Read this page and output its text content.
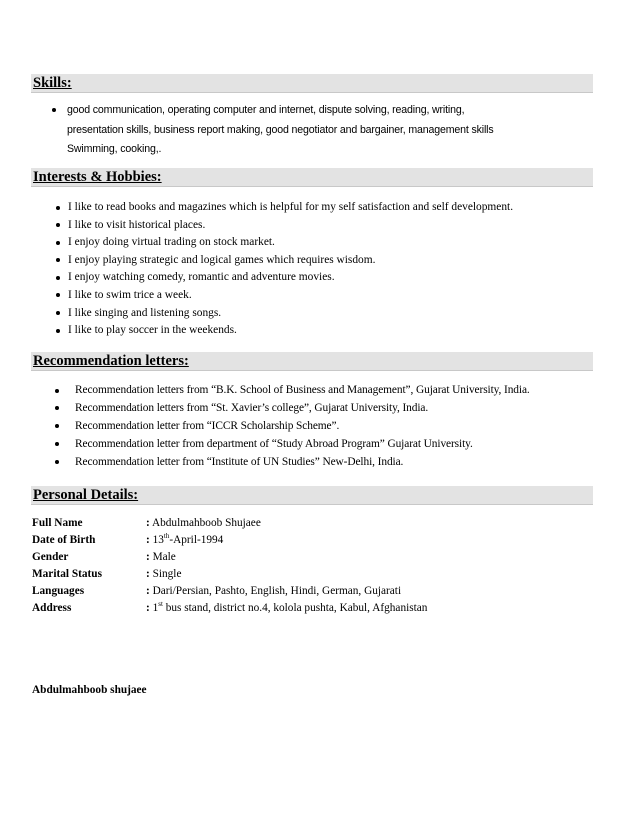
Skills:
good communication, operating computer and internet, dispute solving, reading, writing,
presentation skills, business report making, good negotiator and bargainer, management skills
Swimming, cooking,.
Interests & Hobbies:
I like to read books and magazines which is helpful for my self satisfaction and self development.
I like to visit historical places.
I enjoy doing virtual trading on stock market.
I enjoy playing strategic and logical games which requires wisdom.
I enjoy watching comedy, romantic and adventure movies.
I like to swim trice a week.
I like singing and listening songs.
I like to play soccer in the weekends.
Recommendation letters:
Recommendation letters from “B.K. School of Business and Management”, Gujarat University, India.
Recommendation letters from “St. Xavier’s college”, Gujarat University, India.
Recommendation letter from “ICCR Scholarship Scheme”.
Recommendation letter from department of “Study Abroad Program” Gujarat University.
Recommendation letter from “Institute of UN Studies” New-Delhi, India.
Personal Details:
Full Name	: Abdulmahboob Shujaee
Date of Birth	: 13th-April-1994
Gender	: Male
Marital Status	: Single
Languages	: Dari/Persian, Pashto, English, Hindi, German, Gujarati
Address	: 1st bus stand, district no.4, kolola pushta, Kabul, Afghanistan
Abdulmahboob shujaee
